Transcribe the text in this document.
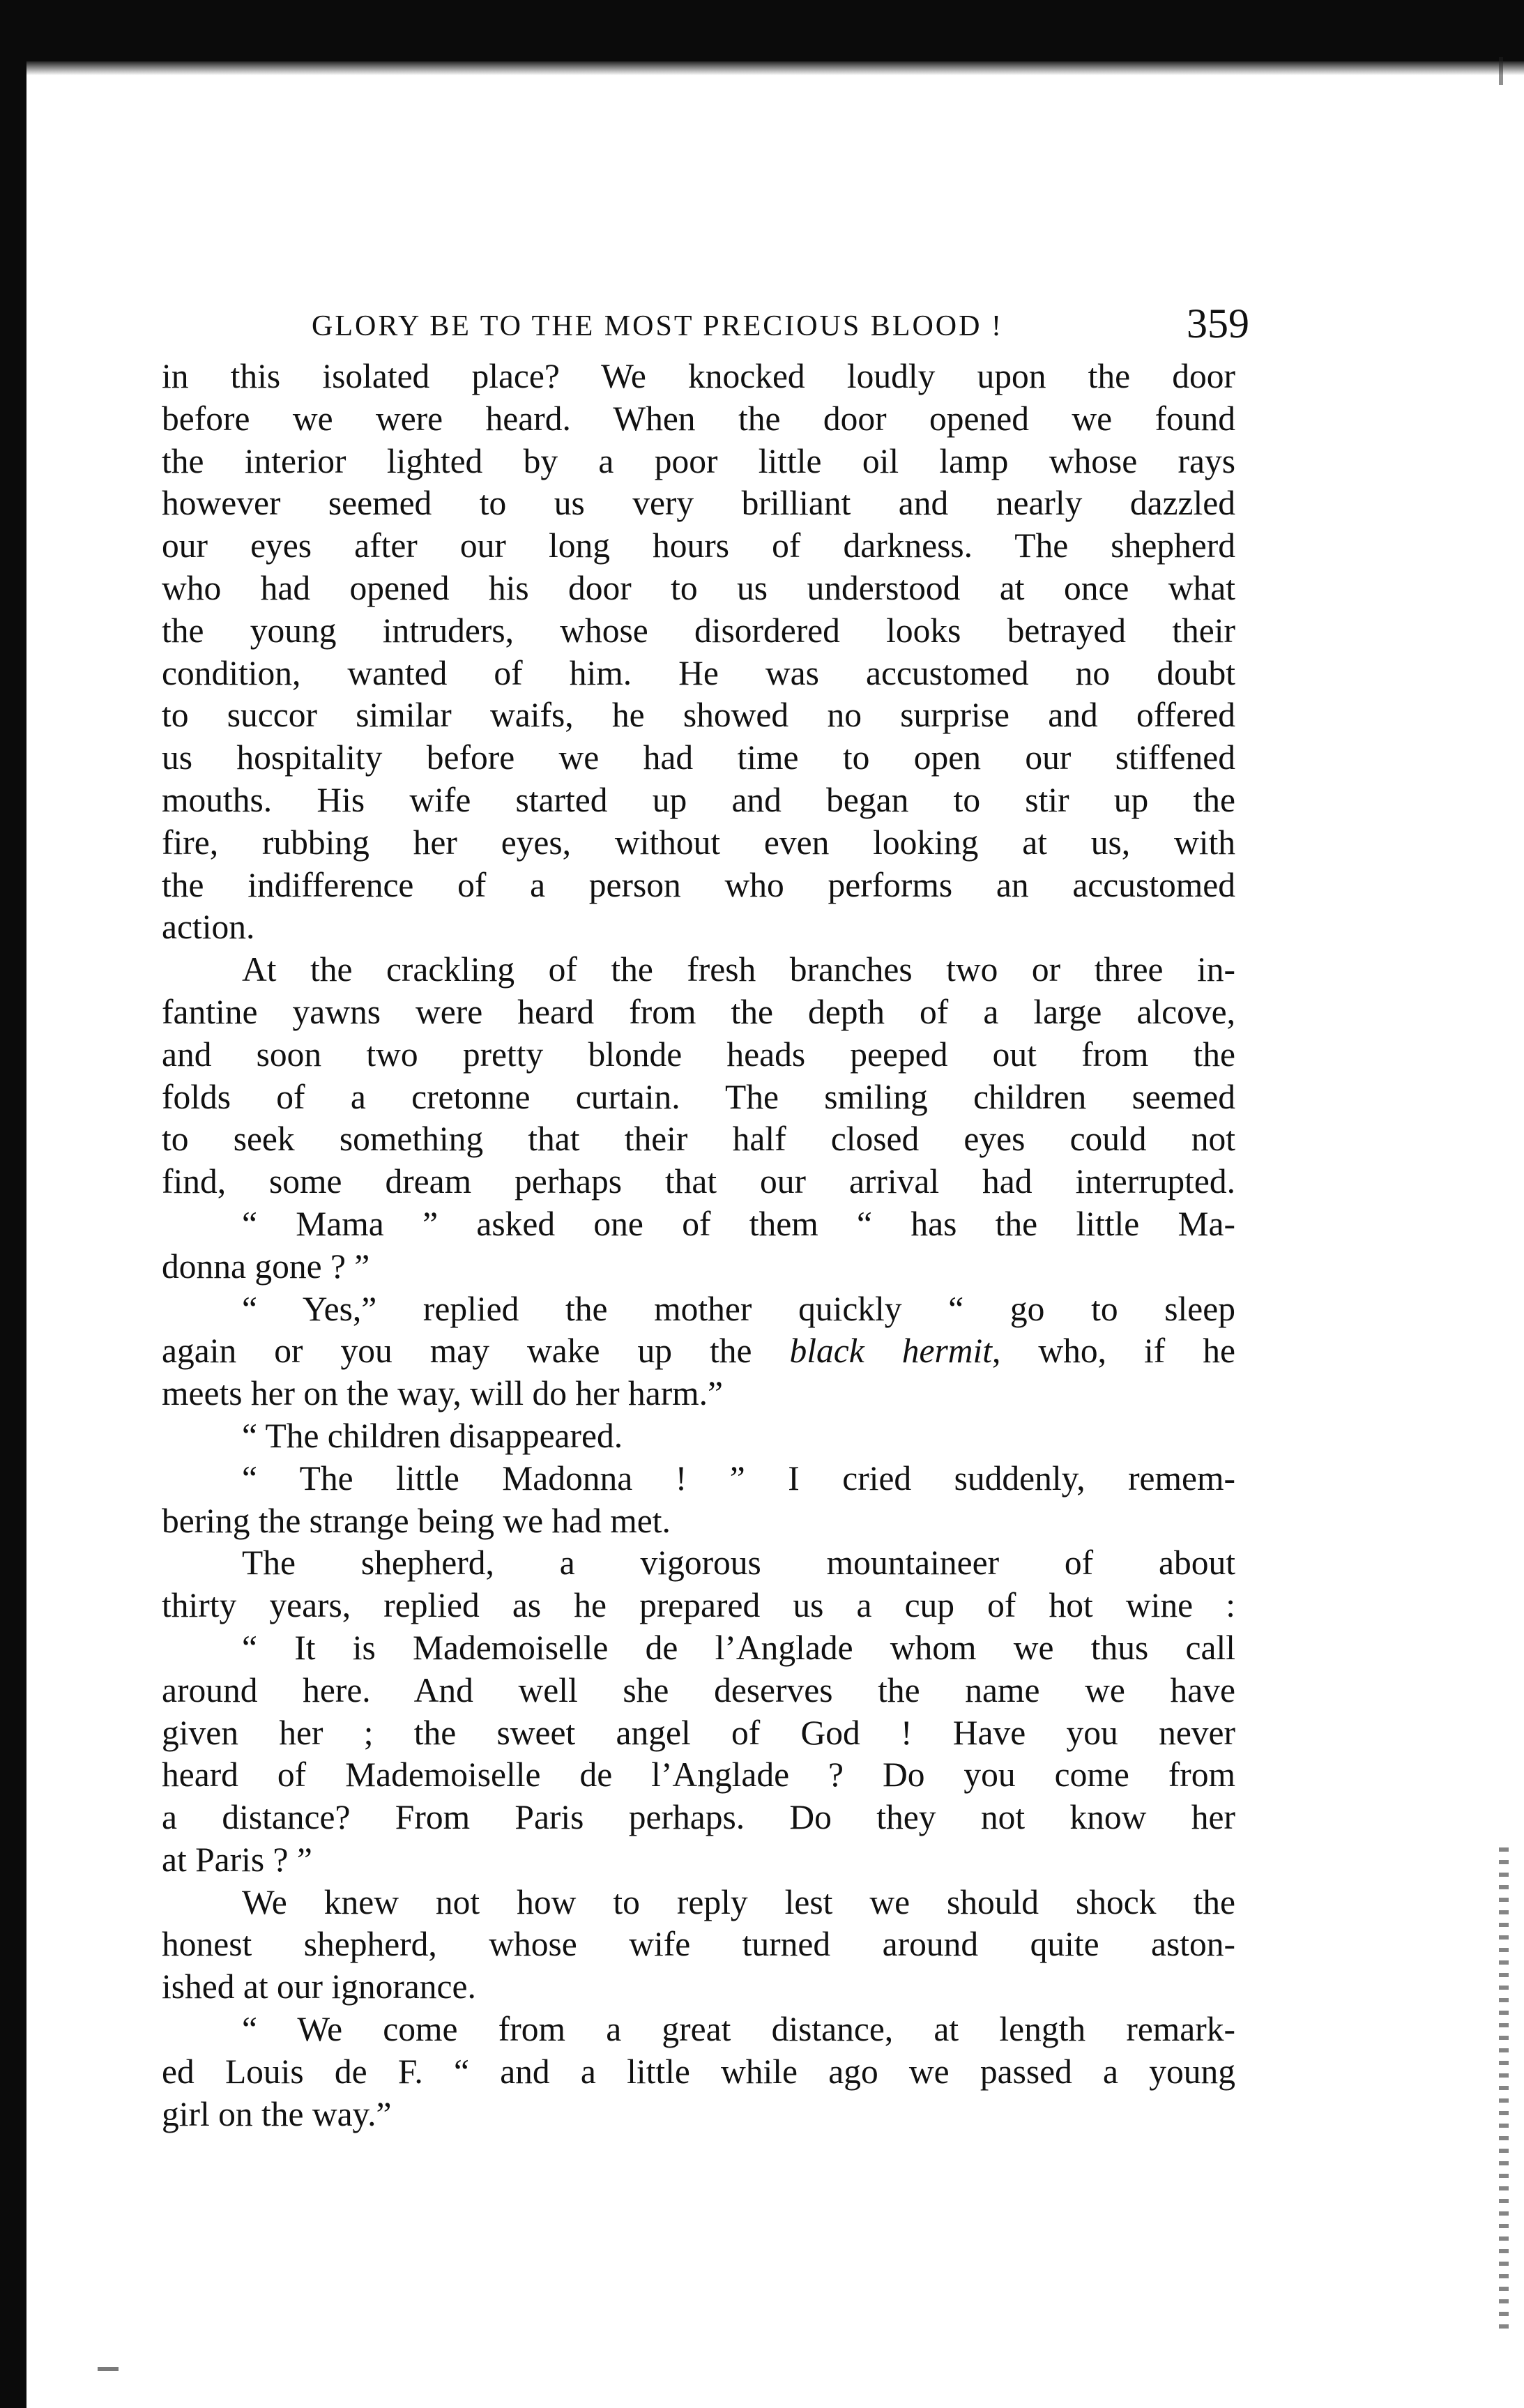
GLORY BE TO THE MOST PRECIOUS BLOOD !	359

in this isolated place? We knocked loudly upon the door

before we were heard. When the door opened we found

the interior lighted by a poor little oil lamp whose rays

however seemed to us very brilliant and nearly dazzled

our eyes after our long hours of darkness. The shepherd

who had opened his door to us understood at once what

the young intruders, whose disordered looks betrayed their

condition, wanted of him. He was accustomed no doubt

to succor similar waifs, he showed no surprise and offered

us hospitality before we had time to open our stiffened

mouths. His wife started up and began to stir up the

fire, rubbing her eyes, without even looking at us, with

the indifference of a person who performs an accustomed

action.

At the crackling of the fresh branches two or three in-

fantine yawns were heard from the depth of a large alcove,

and soon two pretty blonde heads peeped out from the

folds of a cretonne curtain. The smiling children seemed

to seek something that their half closed eyes could not

find, some dream perhaps that our arrival had interrupted.

“ Mama ” asked one of them “ has the little Ma-

donna gone ? ”

“ Yes,” replied the mother quickly “ go to sleep

again or you may wake up the black hermit, who, if he

meets her on the way, will do her harm.”

“ The children disappeared.

“ The little Madonna ! ” I cried suddenly, remem-

bering the strange being we had met.

The shepherd, a vigorous mountaineer of about

thirty years, replied as he prepared us a cup of hot wine :

“ It is Mademoiselle de l’Anglade whom we thus call

around here. And well she deserves the name we have

given her ; the sweet angel of God ! Have you never

heard of Mademoiselle de l’Anglade ? Do you come from

a distance? From Paris perhaps. Do they not know her

at Paris ? ”

We knew not how to reply lest we should shock the

honest shepherd, whose wife turned around quite aston-

ished at our ignorance.

“ We come from a great distance, at length remark-

ed Louis de F. “ and a little while ago we passed a young

girl on the way.”
